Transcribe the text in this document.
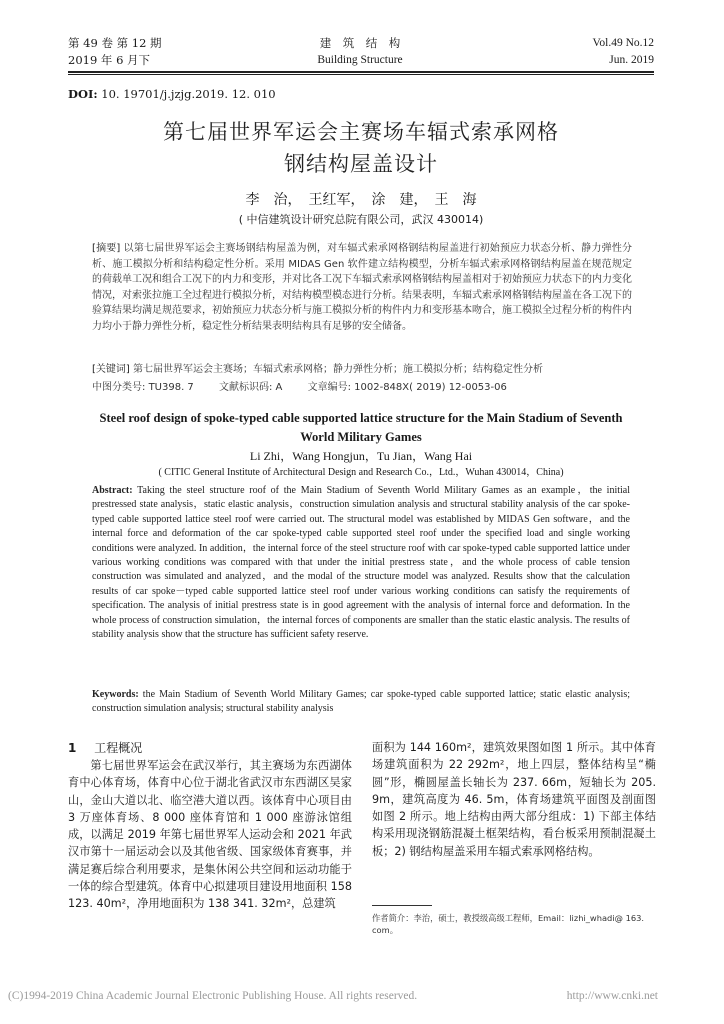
第 49 卷 第 12 期
2019 年 6 月下
建　筑　结　构
Building Structure
Vol.49 No.12
Jun. 2019
DOI: 10. 19701/j.jzjg.2019. 12. 010
第七届世界军运会主赛场车辐式索承网格
钢结构屋盖设计
李　治，　王红军，　涂　建，　王　海
( 中信建筑设计研究总院有限公司，武汉 430014)
[摘要] 以第七届世界军运会主赛场钢结构屋盖为例，对车辐式索承网格钢结构屋盖进行初始预应力状态分析、静力弹性分析、施工模拟分析和结构稳定性分析。采用 MIDAS Gen 软件建立结构模型，分析车辐式索承网格钢结构屋盖在规范规定的荷载单工况和组合工况下的内力和变形，并对比各工况下车辐式索承网格钢结构屋盖相对于初始预应力状态下的内力变化情况，对索张拉施工全过程进行模拟分析，对结构模型模态进行分析。结果表明，车辐式索承网格钢结构屋盖在各工况下的验算结果均满足规范要求，初始预应力状态分析与施工模拟分析的构件内力和变形基本吻合，施工模拟全过程分析的构件内力均小于静力弹性分析，稳定性分析结果表明结构具有足够的安全储备。
[关键词] 第七届世界军运会主赛场；车辐式索承网格；静力弹性分析；施工模拟分析；结构稳定性分析
中图分类号: TU398. 7	文献标识码: A	文章编号: 1002-848X( 2019) 12-0053-06
Steel roof design of spoke-typed cable supported lattice structure for the Main Stadium of Seventh
World Military Games
Li Zhi，Wang Hongjun，Tu Jian，Wang Hai
( CITIC General Institute of Architectural Design and Research Co.，Ltd.，Wuhan 430014，China)
Abstract: Taking the steel structure roof of the Main Stadium of Seventh World Military Games as an example，the initial prestressed state analysis，static elastic analysis，construction simulation analysis and structural stability analysis of the car spoke-typed cable supported lattice steel roof were carried out. The structural model was established by MIDAS Gen software，and the internal force and deformation of the car spoke-typed cable supported steel roof under the specified load and single working conditions were analyzed. In addition，the internal force of the steel structure roof with car spoke-typed cable supported lattice under various working conditions was compared with that under the initial prestress state，and the whole process of cable tension construction was simulated and analyzed，and the modal of the structure model was analyzed. Results show that the calculation results of car spoke－typed cable supported lattice steel roof under various working conditions can satisfy the requirements of specification. The analysis of initial prestress state is in good agreement with the analysis of internal force and deformation. In the whole process of construction simulation，the internal forces of components are smaller than the static elastic analysis. The results of stability analysis show that the structure has sufficient safety reserve.
Keywords: the Main Stadium of Seventh World Military Games; car spoke-typed cable supported lattice; static elastic analysis; construction simulation analysis; structural stability analysis
1 工程概况
第七届世界军运会在武汉举行，其主赛场为东西湖体育中心体育场，体育中心位于湖北省武汉市东西湖区吴家山，金山大道以北、临空港大道以西。该体育中心项目由 3 万座体育场、8 000 座体育馆和 1 000 座游泳馆组成，以满足 2019 年第七届世界军人运动会和 2021 年武汉市第十一届运动会以及其他省级、国家级体育赛事，并满足赛后综合利用要求，是集休闲公共空间和运动功能于一体的综合型建筑。体育中心拟建项目建设用地面积 158 123. 40m²，净用地面积为 138 341. 32m²，总建筑
面积为 144 160m²，建筑效果图如图 1 所示。其中体育场建筑面积为 22 292m²，地上四层，整体结构呈“椭圆”形，椭圆屋盖长轴长为 237. 66m，短轴长为 205. 9m，建筑高度为 46. 5m，体育场建筑平面图及剖面图如图 2 所示。地上结构由两大部分组成：1) 下部主体结构采用现浇钢筋混凝土框架结构，看台板采用预制混凝土板；2) 钢结构屋盖采用车辐式索承网格结构。
作者简介：李治，硕士，教授级高级工程师，Email：lizhi_whadi@ 163. com。
(C)1994-2019 China Academic Journal Electronic Publishing House. All rights reserved.	http://www.cnki.net
